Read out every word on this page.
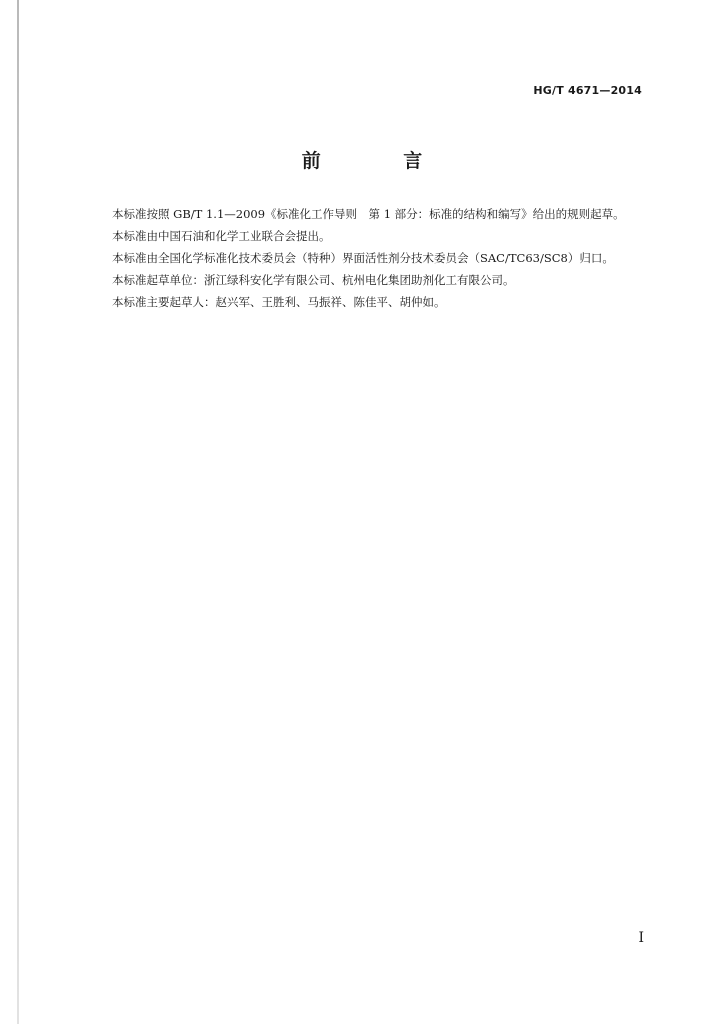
HG/T 4671—2014
前 言

本标准按照 GB/T 1.1—2009《标准化工作导则　第 1 部分：标准的结构和编写》给出的规则起草。

本标准由中国石油和化学工业联合会提出。

本标准由全国化学标准化技术委员会（特种）界面活性剂分技术委员会（SAC/TC63/SC8）归口。

本标准起草单位：浙江绿科安化学有限公司、杭州电化集团助剂化工有限公司。

本标准主要起草人：赵兴军、王胜利、马振祥、陈佳平、胡仲如。

I
